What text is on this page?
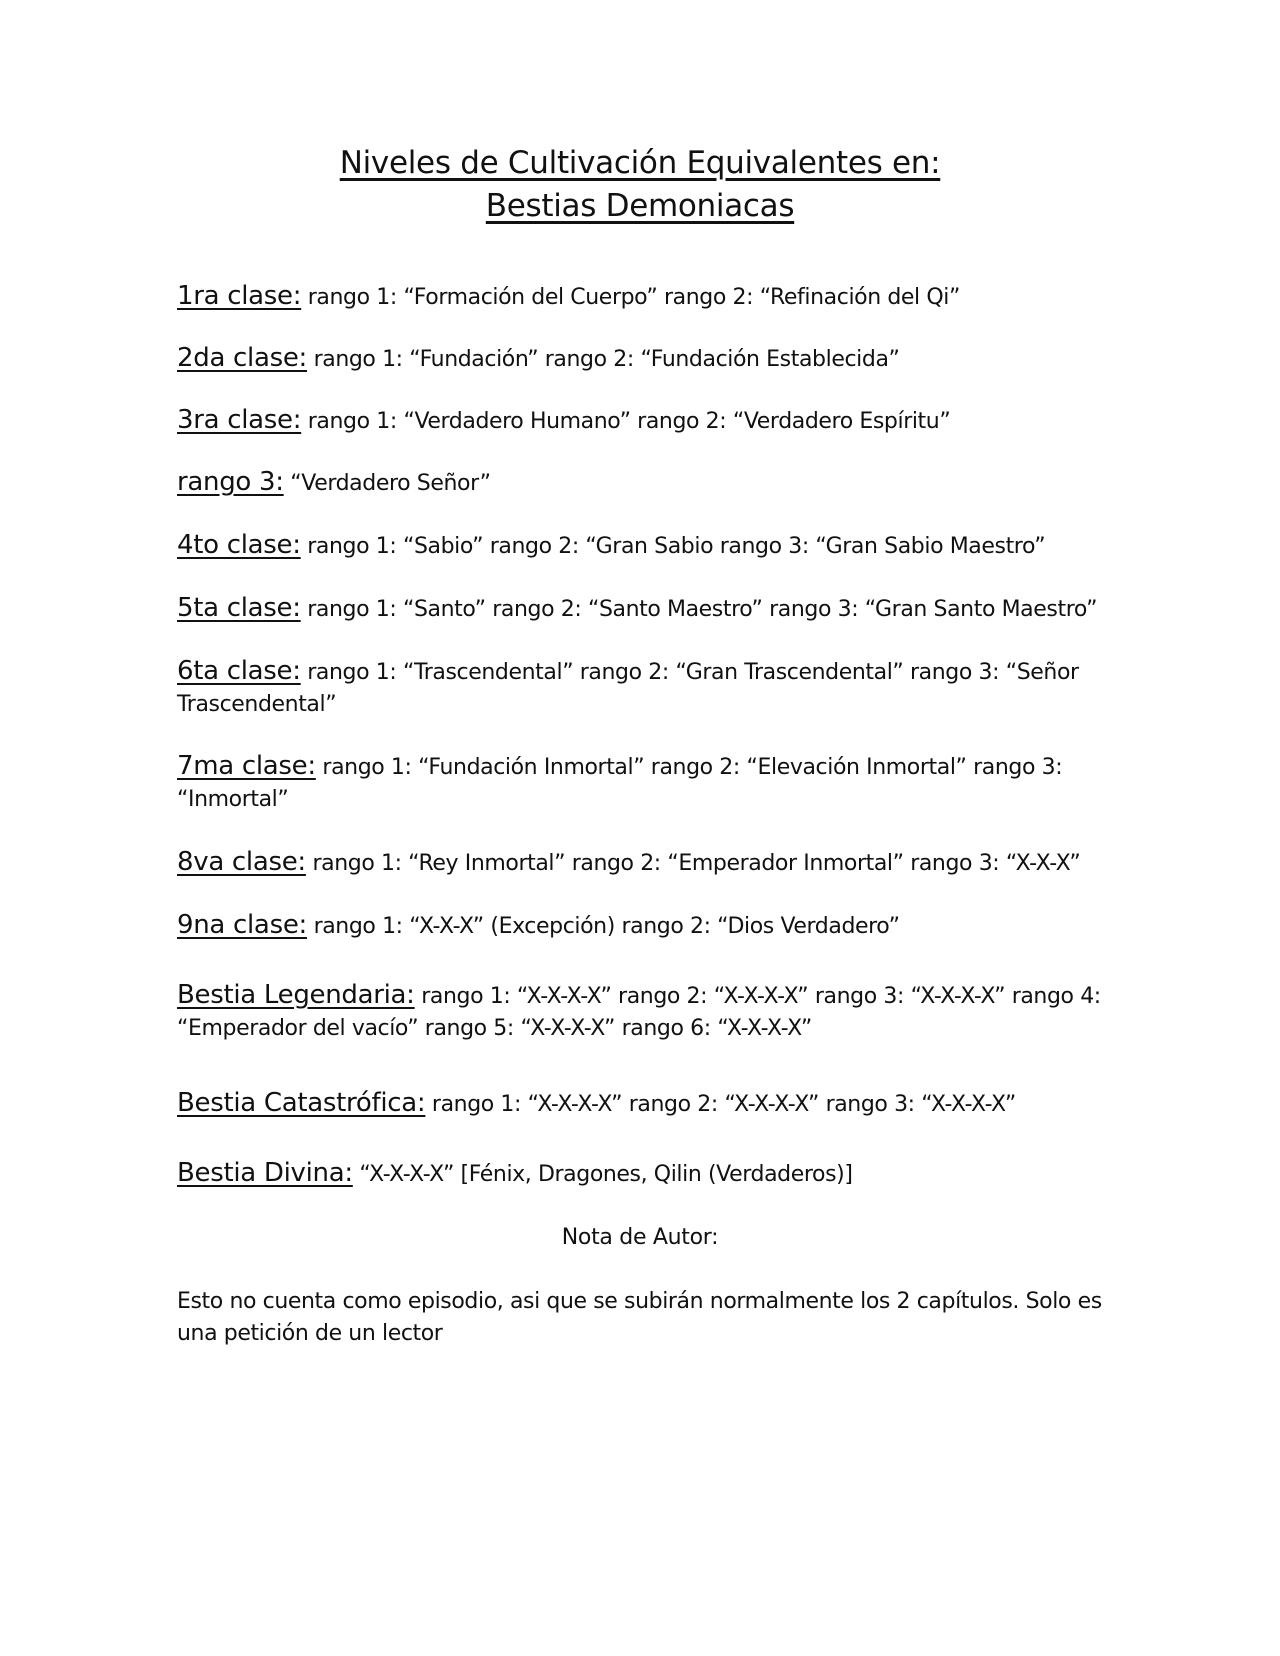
Niveles de Cultivación Equivalentes en:
Bestias Demoniacas
1ra clase: rango 1: “Formación del Cuerpo” rango 2: “Refinación del Qi”
2da clase: rango 1: “Fundación” rango 2: “Fundación Establecida”
3ra clase: rango 1: “Verdadero Humano” rango 2: “Verdadero Espíritu”
rango 3: “Verdadero Señor”
4to clase: rango 1: “Sabio” rango 2: “Gran Sabio rango 3: “Gran Sabio Maestro”
5ta clase: rango 1: “Santo” rango 2: “Santo Maestro” rango 3: “Gran Santo Maestro”
6ta clase: rango 1: “Trascendental” rango 2: “Gran Trascendental” rango 3: “Señor Trascendental”
7ma clase: rango 1: “Fundación Inmortal” rango 2: “Elevación Inmortal” rango 3: “Inmortal”
8va clase: rango 1: “Rey Inmortal” rango 2: “Emperador Inmortal” rango 3: “X-X-X”
9na clase: rango 1: “X-X-X” (Excepción) rango 2: “Dios Verdadero”
Bestia Legendaria: rango 1: “X-X-X-X” rango 2: “X-X-X-X” rango 3: “X-X-X-X” rango 4: “Emperador del vacío” rango 5: “X-X-X-X” rango 6: “X-X-X-X”
Bestia Catastrófica: rango 1: “X-X-X-X” rango 2: “X-X-X-X” rango 3: “X-X-X-X”
Bestia Divina: “X-X-X-X” [Fénix, Dragones, Qilin (Verdaderos)]
Nota de Autor:
Esto no cuenta como episodio, asi que se subirán normalmente los 2 capítulos. Solo es una petición de un lector
